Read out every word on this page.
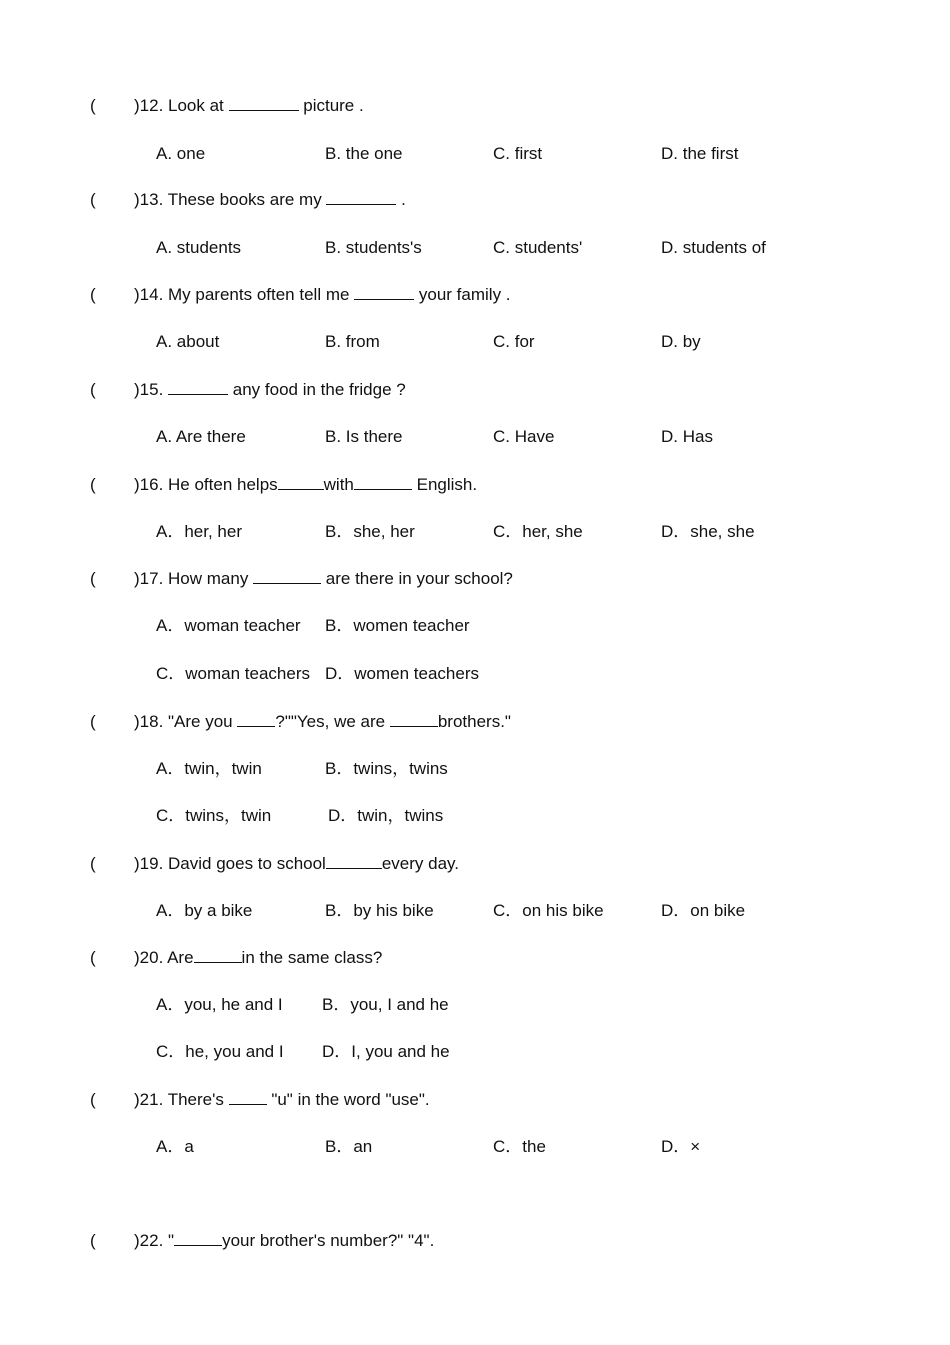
( )12. Look at	picture .
A. one	B. the one	C. first	D. the first
( )13. These books are my	.
A. students	B. students's	C. students'	D. students of
( )14. My parents often tell me	your family .
A. about	B. from	C. for	D. by
( )15.	any food in the fridge ?
A. Are there	B. Is there	C. Have	D. Has
( )16. He often helps	with	English.
A．her, her	B．she, her	C．her, she	D．she, she
( )17. How many	are there in your school?
A．woman teacher B．women teacher
C．woman teachers D．women teachers
( )18. "Are you ?""Yes, we are	brothers."
A．twin，twin	B．twins，twins
C．twins，twin	D．twin，twins
( )19. David goes to school	every day.
A．by a bike	B．by his bike	C．on his bike	D．on bike
( )20. Are	in the same class?
A．you, he and I B．you, I and he
C．he, you and I D．I, you and he
( )21. There's  "u" in the word "use".
A．a	B．an	C．the	D．×
( )22. "	your brother's number?" "4".
